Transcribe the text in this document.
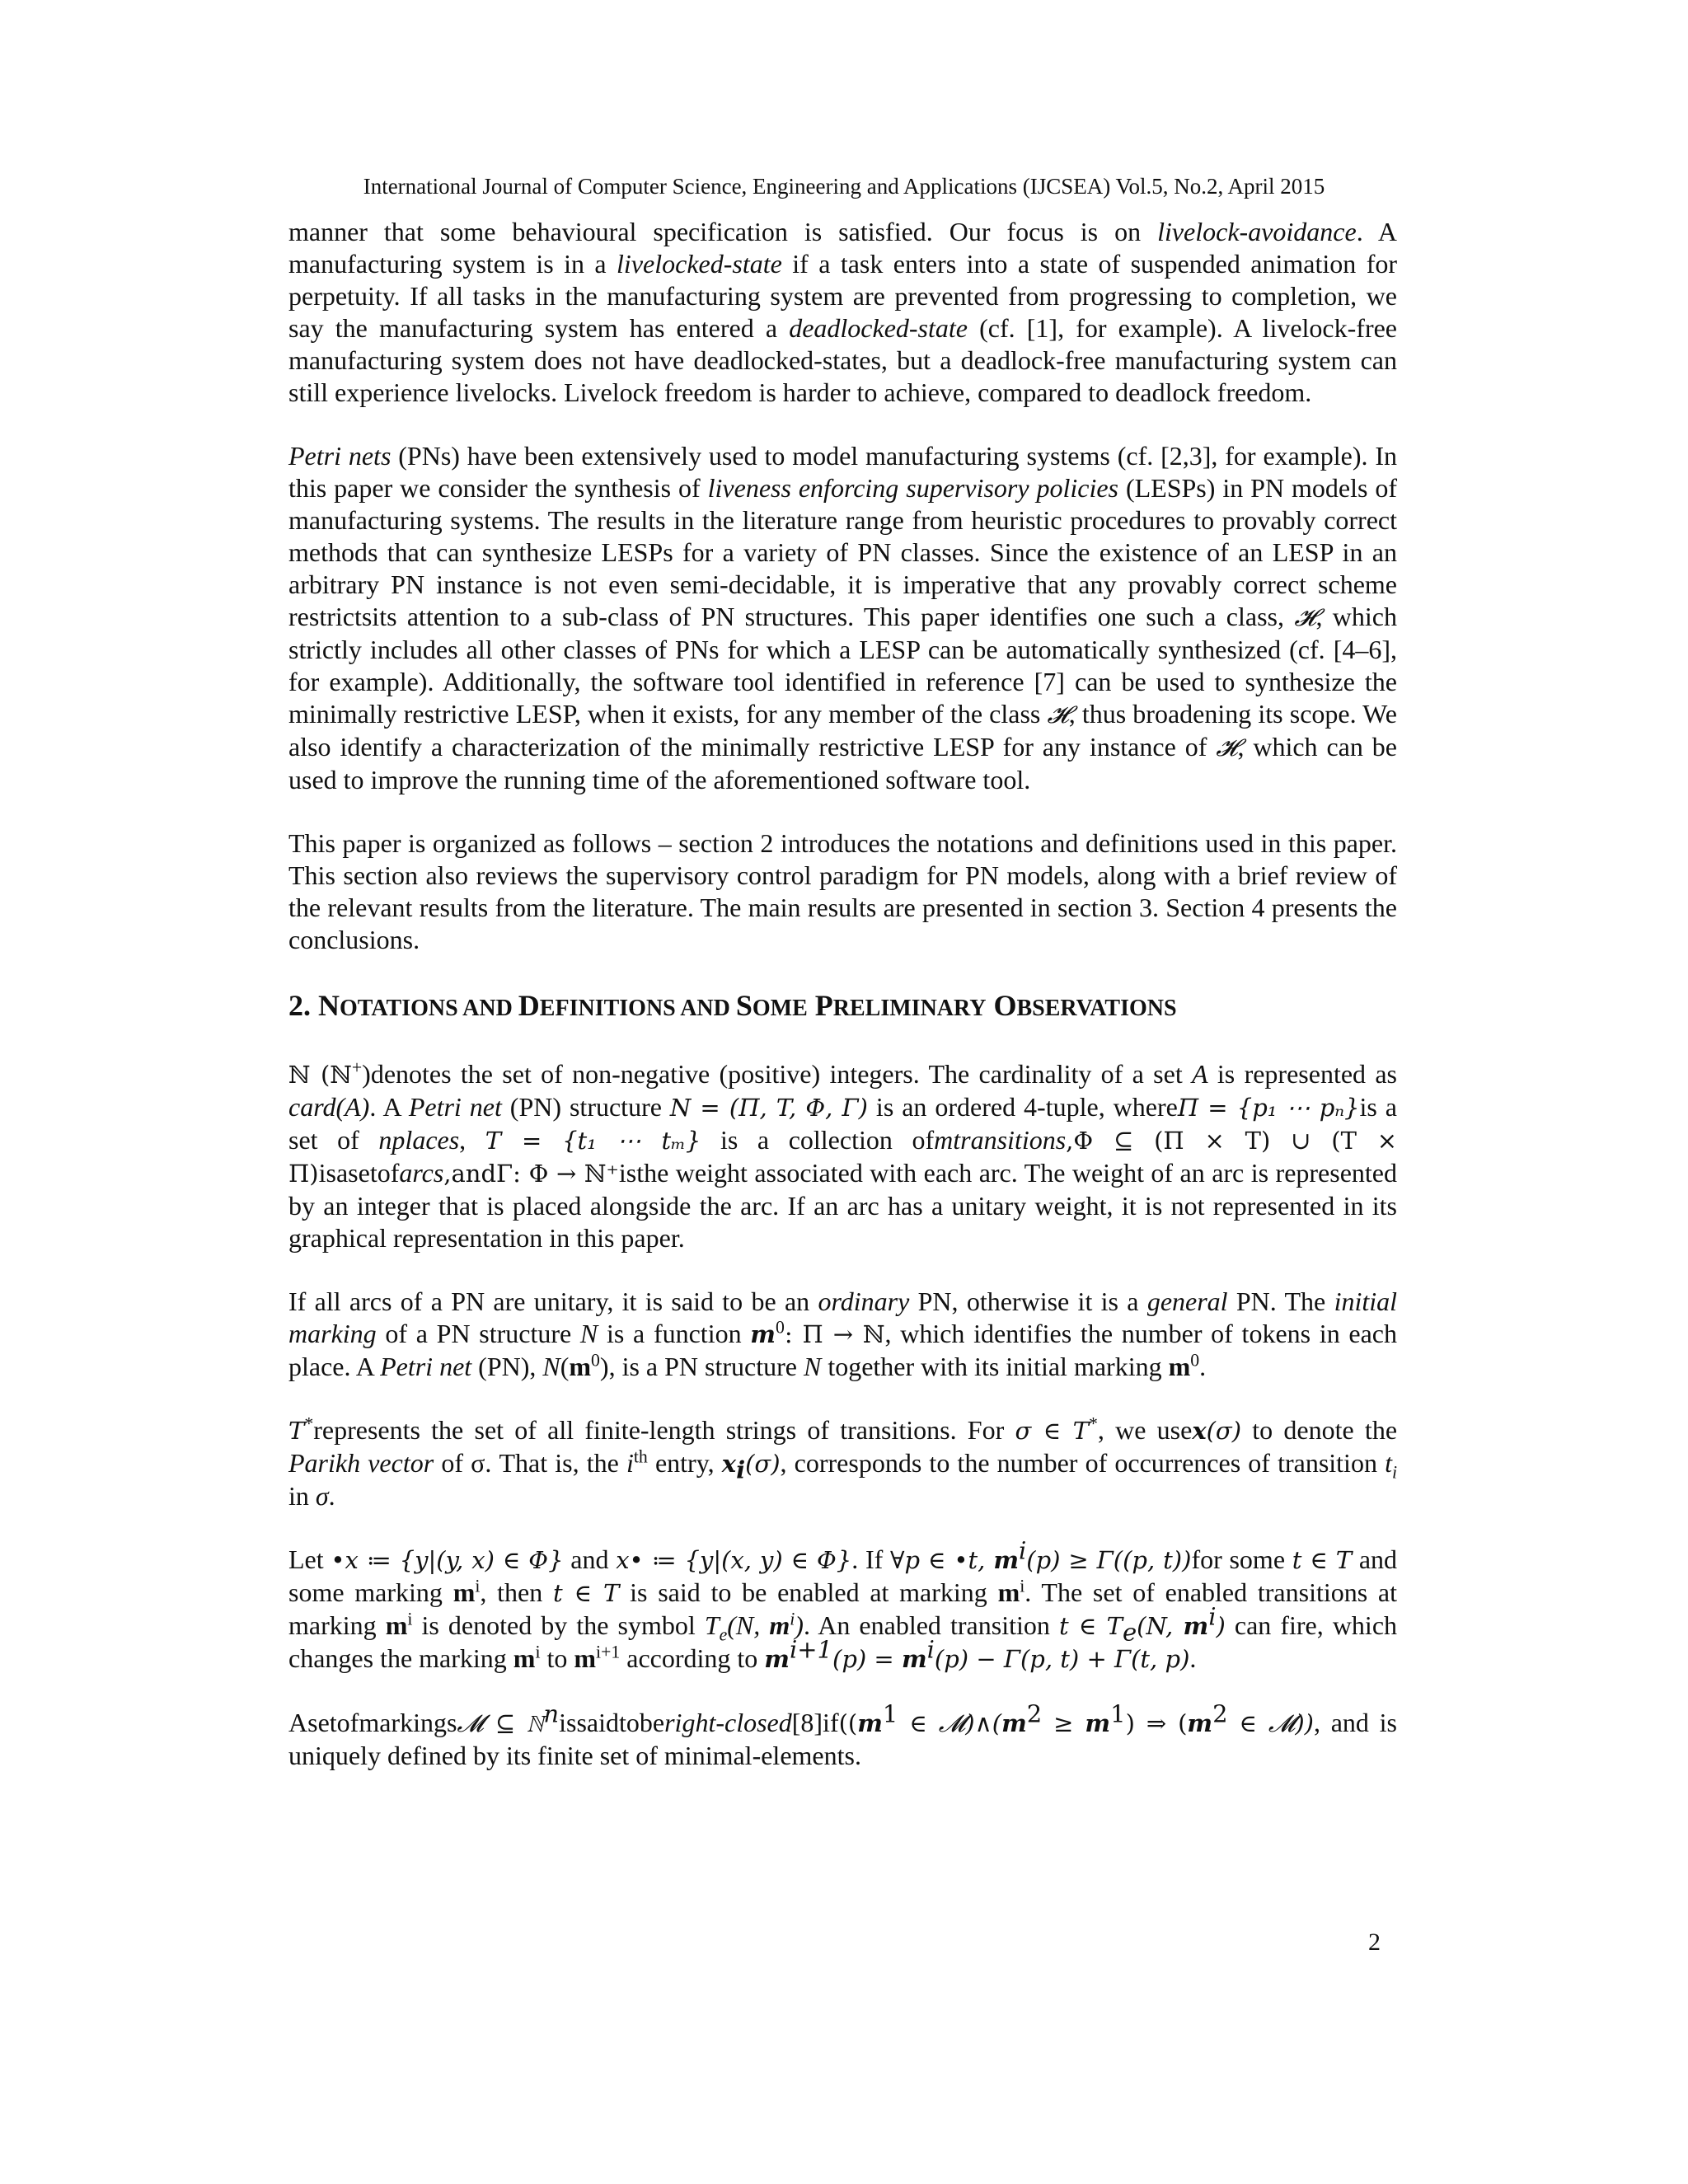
International Journal of Computer Science, Engineering and Applications (IJCSEA) Vol.5, No.2, April 2015

manner that some behavioural specification is satisfied. Our focus is on livelock-avoidance. A manufacturing system is in a livelocked-state if a task enters into a state of suspended animation for perpetuity. If all tasks in the manufacturing system are prevented from progressing to completion, we say the manufacturing system has entered a deadlocked-state (cf. [1], for example). A livelock-free manufacturing system does not have deadlocked-states, but a deadlock-free manufacturing system can still experience livelocks. Livelock freedom is harder to achieve, compared to deadlock freedom.

Petri nets (PNs) have been extensively used to model manufacturing systems (cf. [2,3], for example). In this paper we consider the synthesis of liveness enforcing supervisory policies (LESPs) in PN models of manufacturing systems. The results in the literature range from heuristic procedures to provably correct methods that can synthesize LESPs for a variety of PN classes. Since the existence of an LESP in an arbitrary PN instance is not even semi-decidable, it is imperative that any provably correct scheme restrictsits attention to a sub-class of PN structures. This paper identifies one such a class, 𝓗, which strictly includes all other classes of PNs for which a LESP can be automatically synthesized (cf. [4–6], for example). Additionally, the software tool identified in reference [7] can be used to synthesize the minimally restrictive LESP, when it exists, for any member of the class 𝓗, thus broadening its scope. We also identify a characterization of the minimally restrictive LESP for any instance of 𝓗, which can be used to improve the running time of the aforementioned software tool.

This paper is organized as follows – section 2 introduces the notations and definitions used in this paper. This section also reviews the supervisory control paradigm for PN models, along with a brief review of the relevant results from the literature. The main results are presented in section 3. Section 4 presents the conclusions.

2. NOTATIONS AND DEFINITIONS AND SOME PRELIMINARY OBSERVATIONS

ℕ (ℕ+)denotes the set of non-negative (positive) integers. The cardinality of a set A is represented as card(A). A Petri net (PN) structure N = (Π, T, Φ, Γ) is an ordered 4-tuple, whereΠ = {p₁ ⋯ pₙ}is a set of nplaces, T = {t₁ ⋯ tₘ} is a collection ofmtransitions,Φ ⊆ (Π × T) ∪ (T × Π)isasetofarcs,andΓ: Φ → ℕ⁺isthe weight associated with each arc. The weight of an arc is represented by an integer that is placed alongside the arc. If an arc has a unitary weight, it is not represented in its graphical representation in this paper.

If all arcs of a PN are unitary, it is said to be an ordinary PN, otherwise it is a general PN. The initial marking of a PN structure N is a function $m^0$: Π → ℕ, which identifies the number of tokens in each place. A Petri net (PN), $N(m^0)$, is a PN structure N together with its initial marking $m^0$.

T*represents the set of all finite-length strings of transitions. For σ ∈ T*, we usex(σ) to denote the Parikh vector of σ. That is, the $i^{th}$ entry, $x_i(\sigma)$, corresponds to the number of occurrences of transition $t_i$ in σ.

Let •x ≔ {y|(y, x) ∈ Φ} and x• ≔ {y|(x, y) ∈ Φ}. If ∀p ∈ •t, $m^i(p) \ge \Gamma((p$, t))for some t ∈ T and some marking $m^i$, then t ∈ T is said to be enabled at marking $m^i$. The set of enabled transitions at marking $m^i$ is denoted by the symbol $T_e(N$, $m^i$). An enabled transition t ∈ $T_e(N$, $m^i$) can fire, which changes the marking $m^i$ to $m^{i+1}$ according to $m^{i+1}(p) = m^i(p) - \Gamma(p$, t) + Γ(t, p).

Asetofmarkings𝓜 ⊆ $ℕ^nissaidtoberight-closed[8]if((m^1$ ∈ $𝓜)\wedge(m^2 \ge m^1)$ ⇒ ($m^2$ ∈ 𝓜)), and is uniquely defined by its finite set of minimal-elements.

2
